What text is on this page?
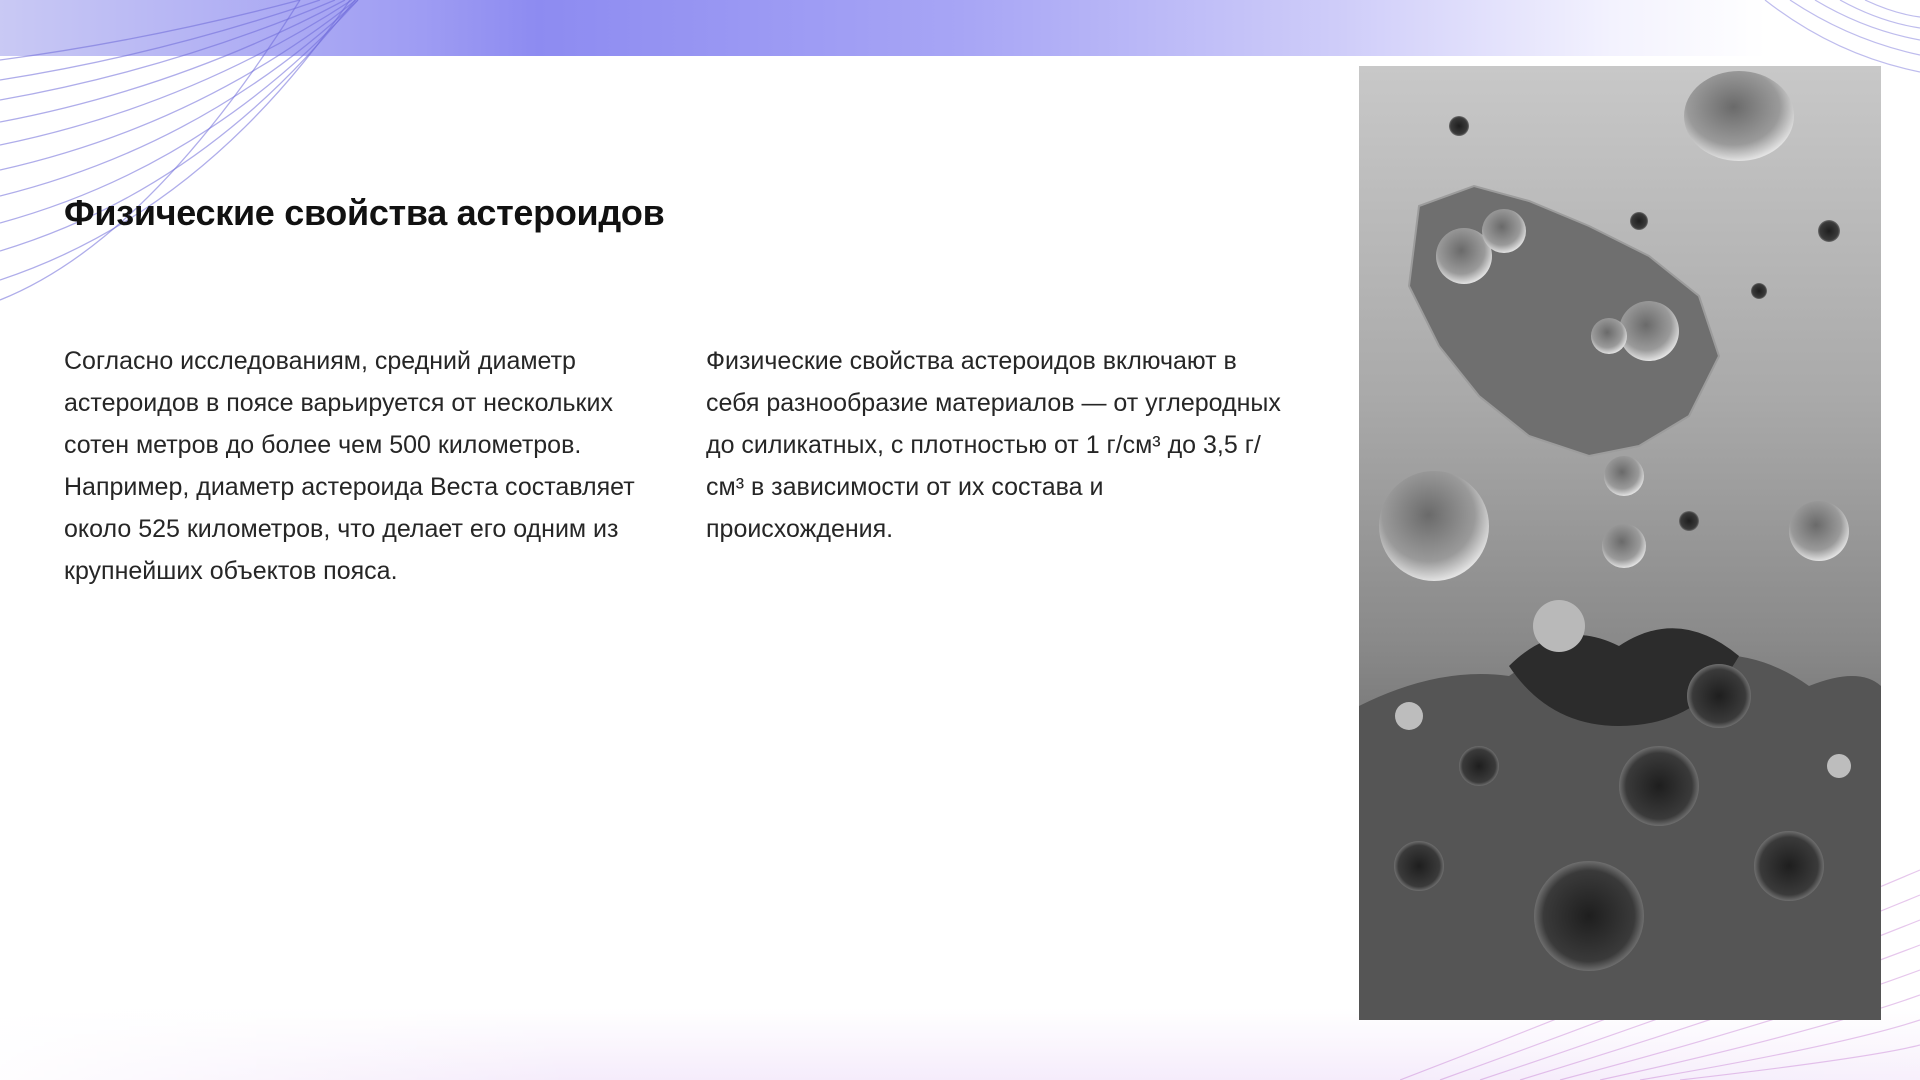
Физические свойства астероидов

Согласно исследованиям, средний диаметр астероидов в поясе варьируется от нескольких сотен метров до более чем 500 километров. Например, диаметр астероида Веста составляет около 525 километров, что делает его одним из крупнейших объектов пояса.

Физические свойства астероидов включают в себя разнообразие материалов — от углеродных до силикатных, с плотностью от 1 г/см³ до 3,5 г/см³ в зависимости от их состава и происхождения.
